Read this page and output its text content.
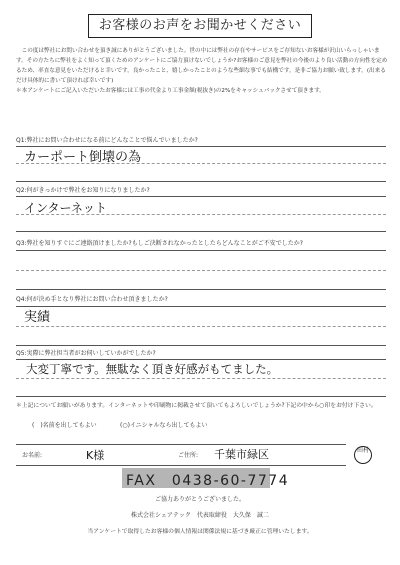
お客様のお声をお聞かせください
この度は弊社にお問い合わせを頂き誠にありがとうございました。世の中には弊社の存在やサービスをご存知ないお客様が沢山いらっしゃいます。その方たちに弊社をよく知って頂くためのアンケートにご協力頂けないでしょうか?お客様のご意見を弊社の今後のより良い活動の方向性を定めるため、率直な意見をいただけると幸いです。良かったこと、嬉しかったことのような些細な事でも結構です。是非ご協力お願い致します。(出来るだけ具体的に書いて頂ければ幸いです)
＊本アンケートにご記入いただいたお客様には工事の代金より工事金額(税抜き)の2%をキャッシュバックさせて頂きます。
Q1:弊社にお問い合わせになる前にどんなことで悩んでいましたか?
カーポート倒壊の為
Q2:何がきっかけで弊社をお知りになりましたか?
インターネット
Q3:弊社を知りすぐにご連絡頂けましたか?もしご決断されなかったとしたらどんなことがご不安でしたか?
Q4:何が決め手となり弊社にお問い合わせ頂きましたか?
実績
Q5:実際に弊社担当者がお伺いしていかがでしたか?
大変丁寧です。無駄なく頂き好感がもてました。
＊上記についてお願いがあります。インターネットや印刷物に掲載させて頂いてもよろしいでしょうか?下記の中から○印をお付け下さい。
(　)名前を出してもよい	(○)イニシャルなら出してもよい
お名前:	K様	ご住所: 千葉市緑区	田村
FAX　0438-60-7774
ご協力ありがとうございました。
株式会社シェアテック　代表取締役　大久保　誠二
当アンケートで取得したお客様の個人情報は関係法規に基づき厳正に管理いたします。
